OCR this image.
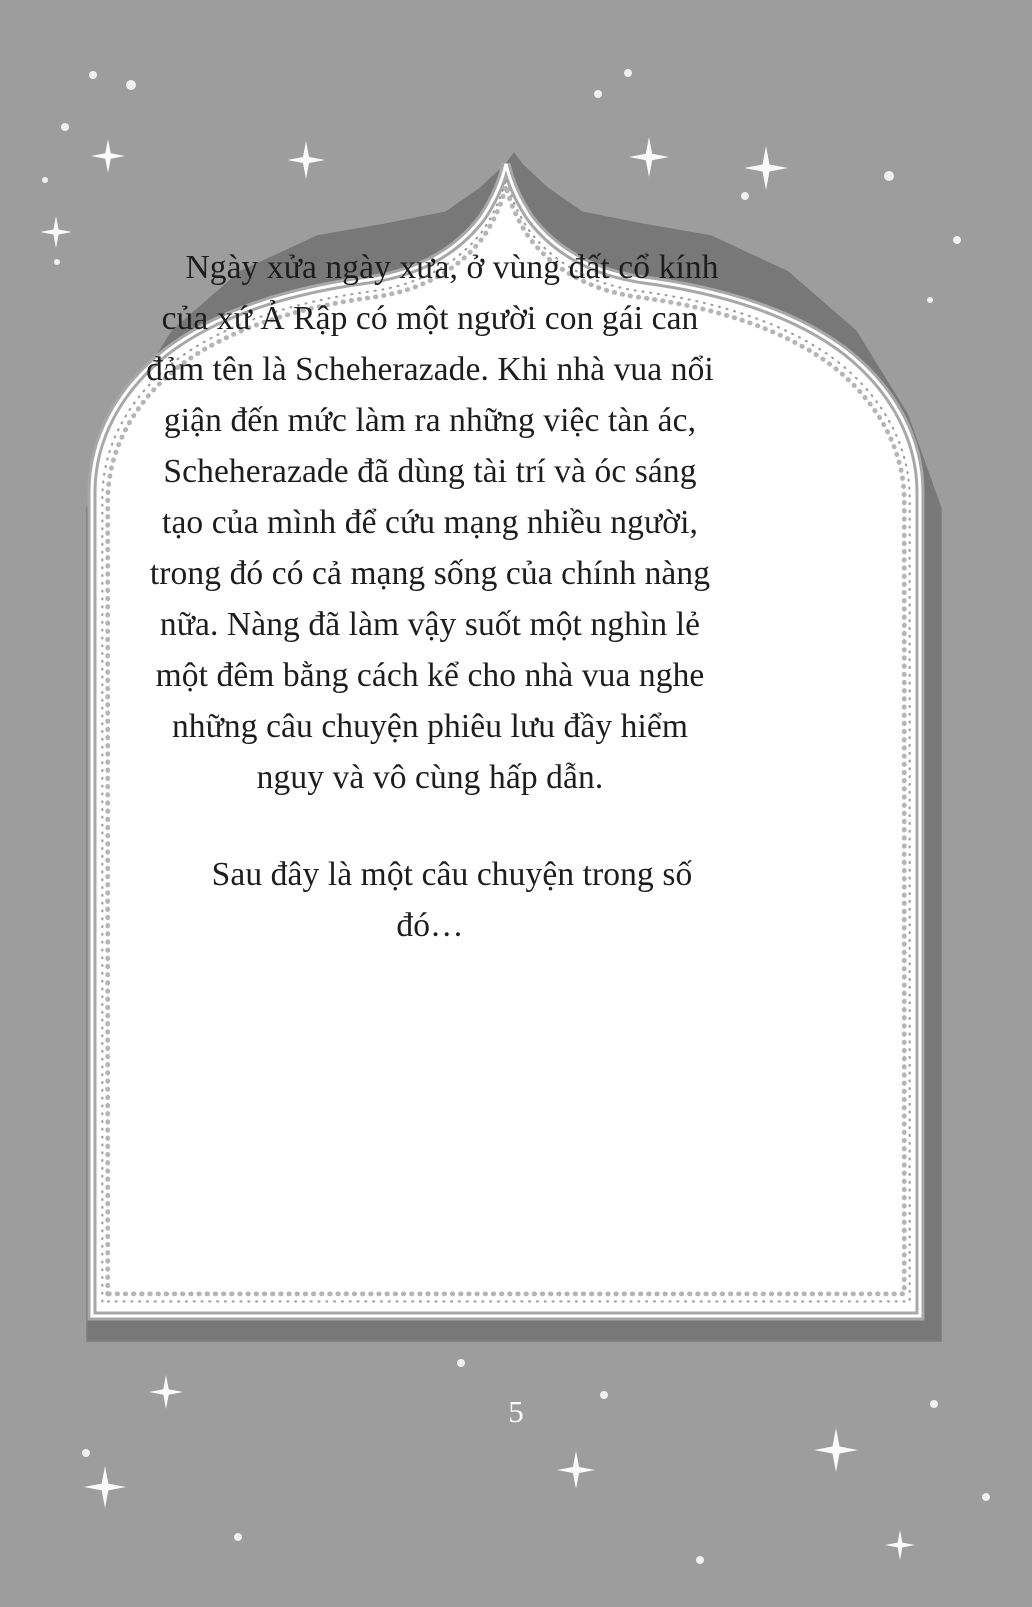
Ngày xửa ngày xưa, ở vùng đất cổ kính của xứ Ả Rập có một người con gái can đảm tên là Scheherazade. Khi nhà vua nổi giận đến mức làm ra những việc tàn ác, Scheherazade đã dùng tài trí và óc sáng tạo của mình để cứu mạng nhiều người, trong đó có cả mạng sống của chính nàng nữa. Nàng đã làm vậy suốt một nghìn lẻ một đêm bằng cách kể cho nhà vua nghe những câu chuyện phiêu lưu đầy hiểm nguy và vô cùng hấp dẫn.

Sau đây là một câu chuyện trong số đó…

5
